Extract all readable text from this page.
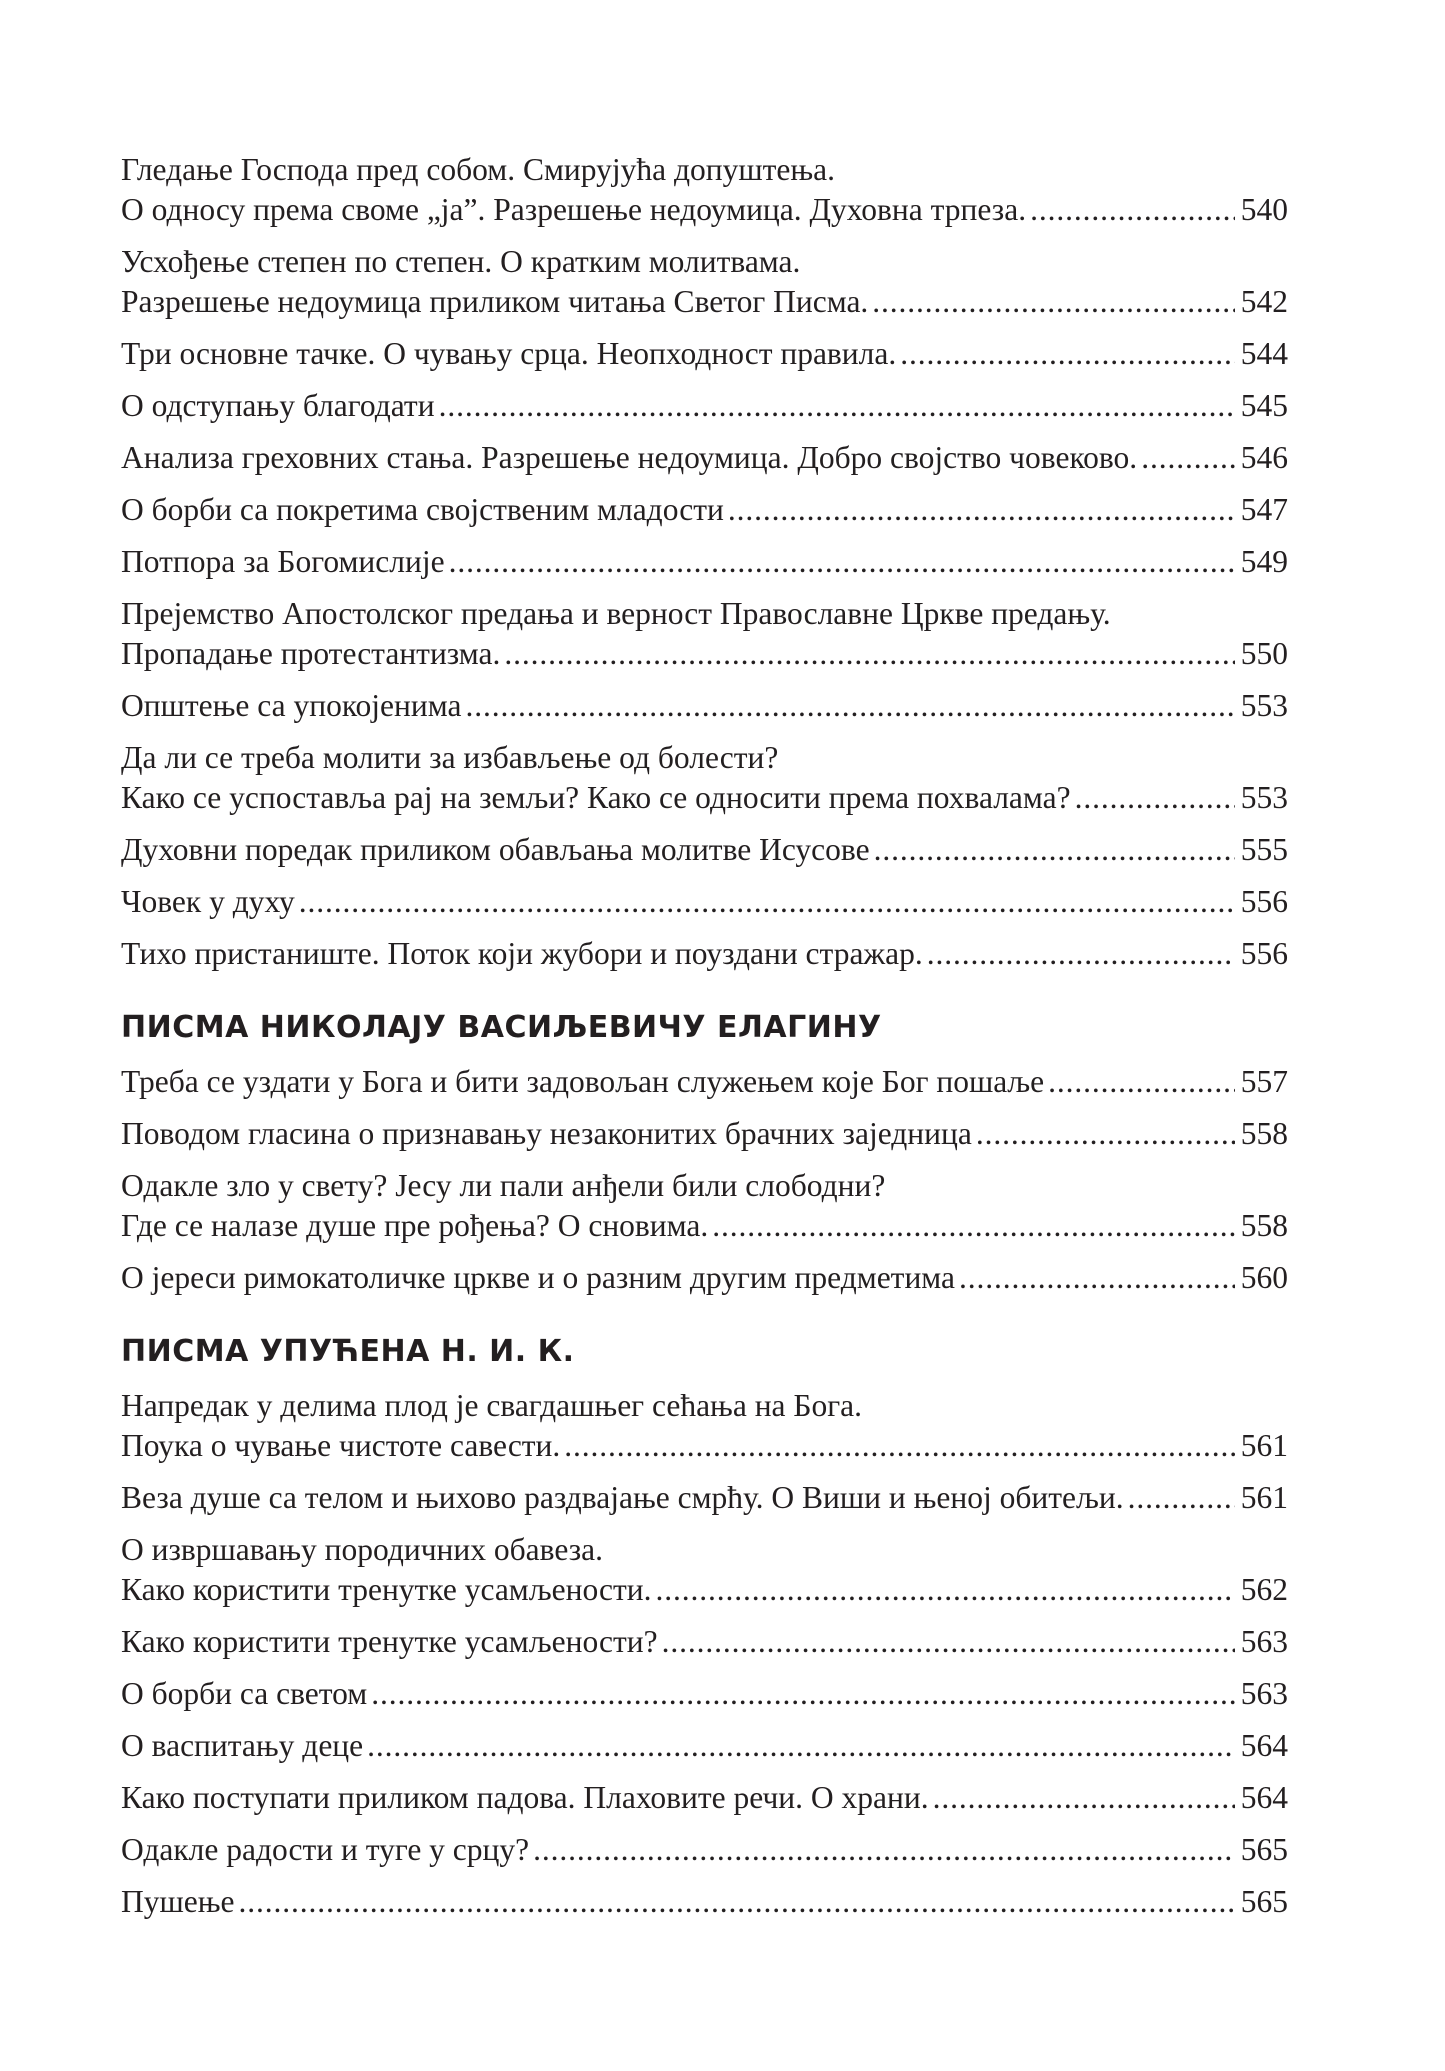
Гледање Господа пред собом. Смирујућа допуштења.
О односу према своме „ја”. Разрешење недоумица. Духовна трпеза. . . .	540
Усхођење степен по степен. О кратким молитвама.
Разрешење недоумица приликом читања Светог Писма. . . .	542
Три основне тачке. О чувању срца. Неопходност правила. . . .	544
О одступању благодати . . .	545
Анализа греховних стања. Разрешење недоумица. Добро својство човеково. . . .	546
О борби са покретима својственим младости . . .	547
Потпора за Богомислије . . .	549
Прејемство Апостолског предања и верност Православне Цркве предању.
Пропадање протестантизма. . . .	550
Општење са упокојенима . . .	553
Да ли се треба молити за избављење од болести?
Како се успоставља рај на земљи? Како се односити према похвалама? . . .	553
Духовни поредак приликом обављања молитве Исусове . . .	555
Човек у духу . . .	556
Тихо пристаниште. Поток који жубори и поуздани стражар. . . .	556
ПИСМА НИКОЛАЈУ ВАСИЉЕВИЧУ ЕЛАГИНУ
Треба се уздати у Бога и бити задовољан служењем које Бог пошаље . . .	557
Поводом гласина о признавању незаконитих брачних заједница . . .	558
Одакле зло у свету? Јесу ли пали анђели били слободни?
Где се налазе душе пре рођења? О сновима. . . .	558
О јереси римокатоличке цркве и о разним другим предметима . . .	560
ПИСМА УПУЋЕНА Н. И. К.
Напредак у делима плод је свагдашњег сећања на Бога.
Поука о чување чистоте савести. . . .	561
Веза душе са телом и њихово раздвајање смрћу. О Виши и њеној обитељи. . . .	561
О извршавању породичних обавеза.
Како користити тренутке усамљености. . . .	562
Како користити тренутке усамљености? . . .	563
О борби са светом . . .	563
О васпитању деце . . .	564
Како поступати приликом падова. Плаховите речи. О храни. . . .	564
Одакле радости и туге у срцу? . . .	565
Пушење . . .	565
